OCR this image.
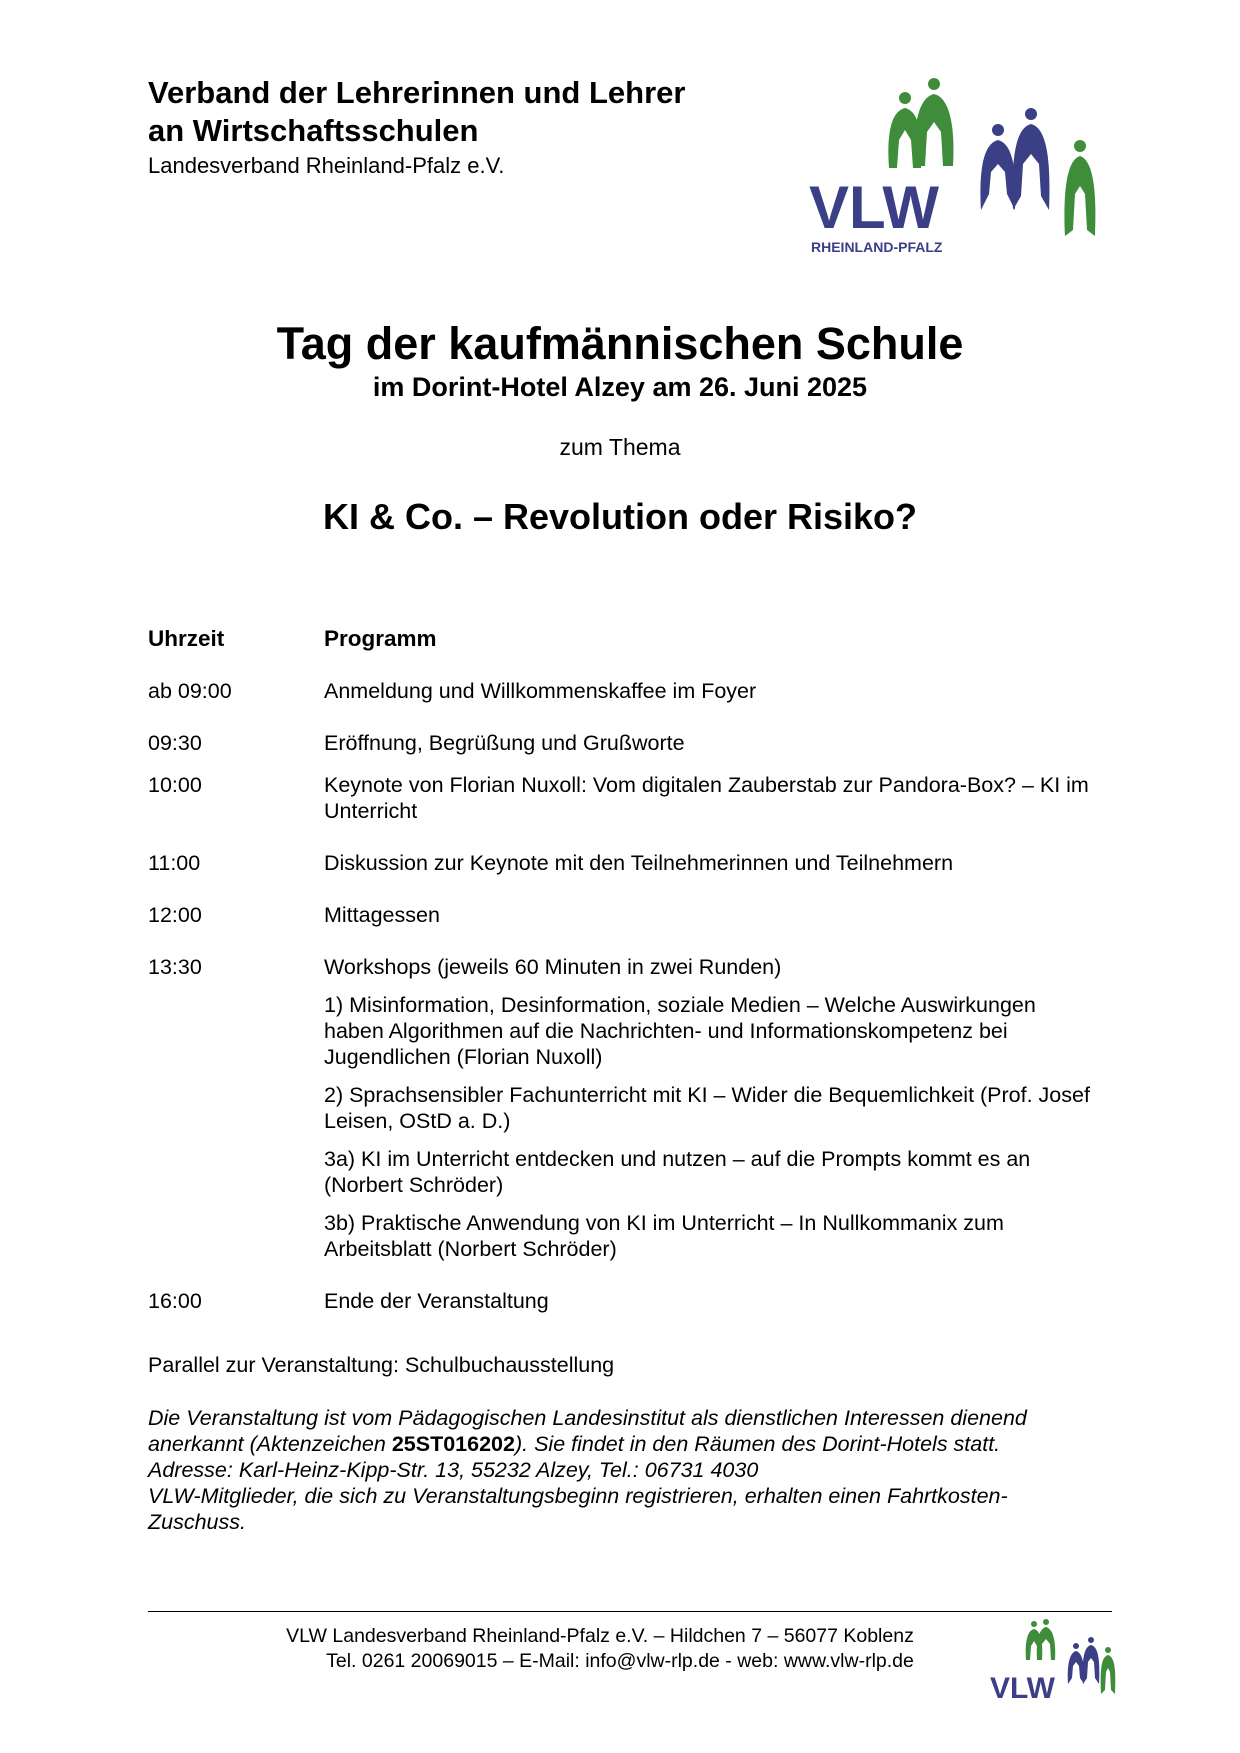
Verband der Lehrerinnen und Lehrer
an Wirtschaftsschulen
Landesverband Rheinland-Pfalz e.V.
VLW
RHEINLAND-PFALZ
Tag der kaufmännischen Schule
im Dorint-Hotel Alzey am 26. Juni 2025
zum Thema
KI & Co. – Revolution oder Risiko?
Uhrzeit	Programm
ab 09:00	Anmeldung und Willkommenskaffee im Foyer
09:30	Eröffnung, Begrüßung und Grußworte
10:00	Keynote von Florian Nuxoll: Vom digitalen Zauberstab zur Pandora-Box? – KI im Unterricht
11:00	Diskussion zur Keynote mit den Teilnehmerinnen und Teilnehmern
12:00	Mittagessen
13:30	Workshops (jeweils 60 Minuten in zwei Runden)
1) Misinformation, Desinformation, soziale Medien – Welche Auswirkungen haben Algorithmen auf die Nachrichten- und Informationskompetenz bei Jugendlichen (Florian Nuxoll)
2) Sprachsensibler Fachunterricht mit KI – Wider die Bequemlichkeit (Prof. Josef Leisen, OStD a. D.)
3a) KI im Unterricht entdecken und nutzen – auf die Prompts kommt es an (Norbert Schröder)
3b) Praktische Anwendung von KI im Unterricht – In Nullkommanix zum Arbeitsblatt (Norbert Schröder)
16:00	Ende der Veranstaltung
Parallel zur Veranstaltung: Schulbuchausstellung
Die Veranstaltung ist vom Pädagogischen Landesinstitut als dienstlichen Interessen dienend anerkannt (Aktenzeichen 25ST016202). Sie findet in den Räumen des Dorint-Hotels statt.
Adresse: Karl-Heinz-Kipp-Str. 13, 55232 Alzey, Tel.: 06731 4030
VLW-Mitglieder, die sich zu Veranstaltungsbeginn registrieren, erhalten einen Fahrtkosten-Zuschuss.
VLW Landesverband Rheinland-Pfalz e.V. – Hildchen 7 – 56077 Koblenz
Tel. 0261 20069015 – E-Mail: info@vlw-rlp.de - web: www.vlw-rlp.de
VLW
